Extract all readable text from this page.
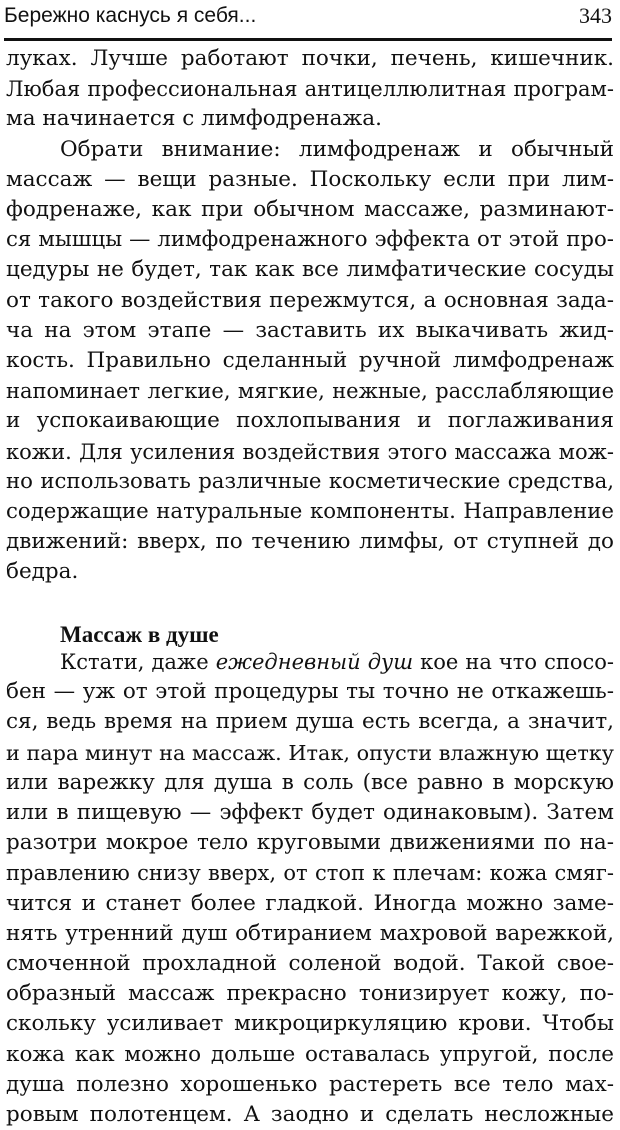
Бережно каснусь я себя...	343
луках. Лучше работают почки, печень, кишечник.
Любая профессиональная антицеллюлитная програм-
ма начинается с лимфодренажа.
Обрати внимание: лимфодренаж и обычный
массаж — вещи разные. Поскольку если при лим-
фодренаже, как при обычном массаже, разминают-
ся мышцы — лимфодренажного эффекта от этой про-
цедуры не будет, так как все лимфатические сосуды
от такого воздействия пережмутся, а основная зада-
ча на этом этапе — заставить их выкачивать жид-
кость. Правильно сделанный ручной лимфодренаж
напоминает легкие, мягкие, нежные, расслабляющие
и успокаивающие похлопывания и поглаживания
кожи. Для усиления воздействия этого массажа мож-
но использовать различные косметические средства,
содержащие натуральные компоненты. Направление
движений: вверх, по течению лимфы, от ступней до
бедра.
Массаж в душе
Кстати, даже ежедневный душ кое на что спосо-
бен — уж от этой процедуры ты точно не откажешь-
ся, ведь время на прием душа есть всегда, а значит,
и пара минут на массаж. Итак, опусти влажную щетку
или варежку для душа в соль (все равно в морскую
или в пищевую — эффект будет одинаковым). Затем
разотри мокрое тело круговыми движениями по на-
правлению снизу вверх, от стоп к плечам: кожа смяг-
чится и станет более гладкой. Иногда можно заме-
нять утренний душ обтиранием махровой варежкой,
смоченной прохладной соленой водой. Такой свое-
образный массаж прекрасно тонизирует кожу, по-
скольку усиливает микроциркуляцию крови. Чтобы
кожа как можно дольше оставалась упругой, после
душа полезно хорошенько растереть все тело мах-
ровым полотенцем. А заодно и сделать несложные
